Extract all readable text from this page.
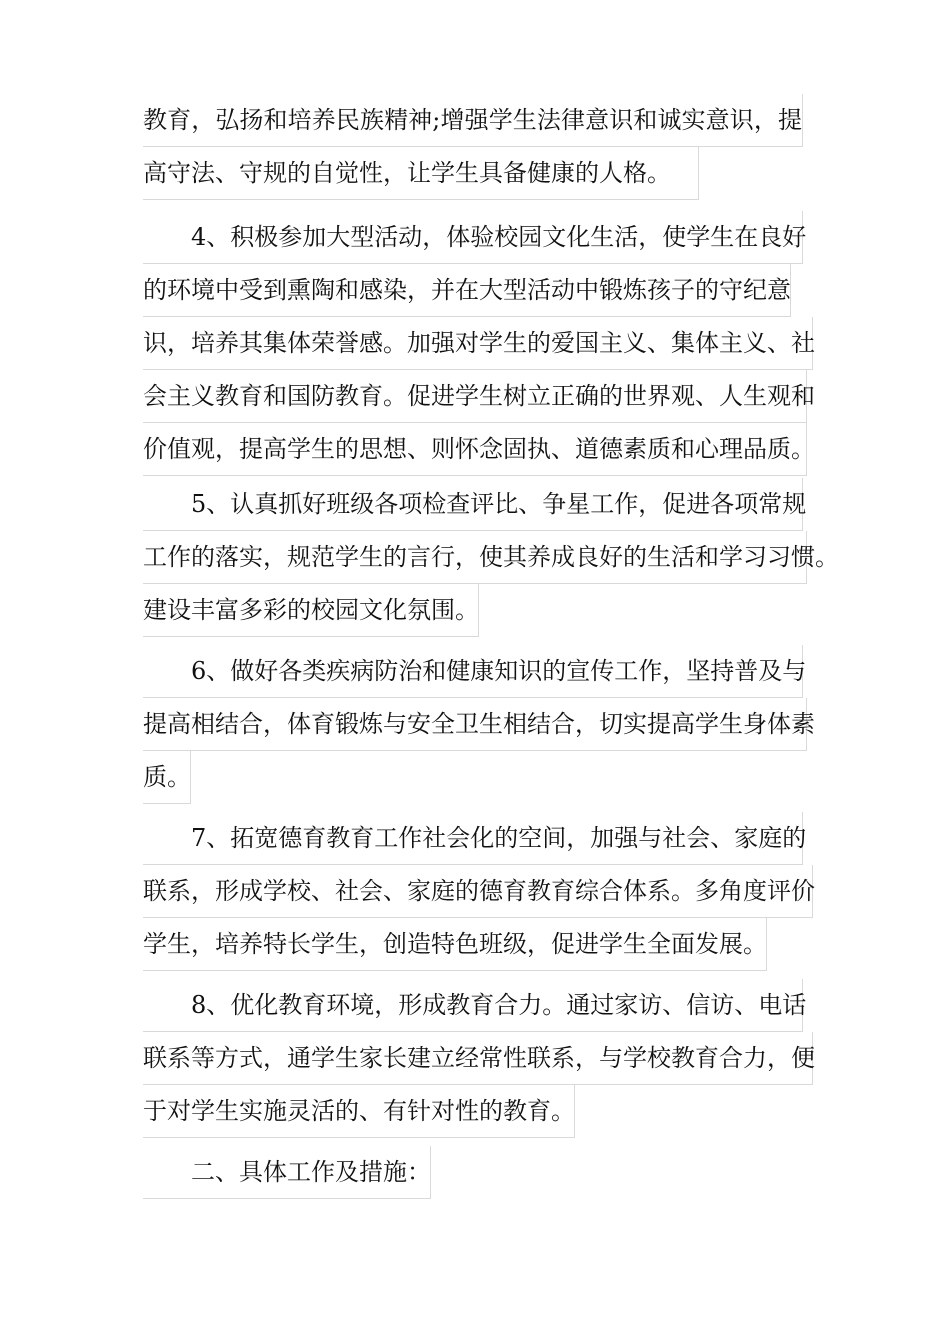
教育，弘扬和培养民族精神;增强学生法律意识和诚实意识，提
高守法、守规的自觉性，让学生具备健康的人格。
4、积极参加大型活动，体验校园文化生活，使学生在良好
的环境中受到熏陶和感染，并在大型活动中锻炼孩子的守纪意
识，培养其集体荣誉感。加强对学生的爱国主义、集体主义、社
会主义教育和国防教育。促进学生树立正确的世界观、人生观和
价值观，提高学生的思想、则怀念固执、道德素质和心理品质。
5、认真抓好班级各项检查评比、争星工作，促进各项常规
工作的落实，规范学生的言行，使其养成良好的生活和学习习惯。
建设丰富多彩的校园文化氛围。
6、做好各类疾病防治和健康知识的宣传工作，坚持普及与
提高相结合，体育锻炼与安全卫生相结合，切实提高学生身体素
质。
7、拓宽德育教育工作社会化的空间，加强与社会、家庭的
联系，形成学校、社会、家庭的德育教育综合体系。多角度评价
学生，培养特长学生，创造特色班级，促进学生全面发展。
8、优化教育环境，形成教育合力。通过家访、信访、电话
联系等方式，通学生家长建立经常性联系，与学校教育合力，便
于对学生实施灵活的、有针对性的教育。
二、具体工作及措施：
